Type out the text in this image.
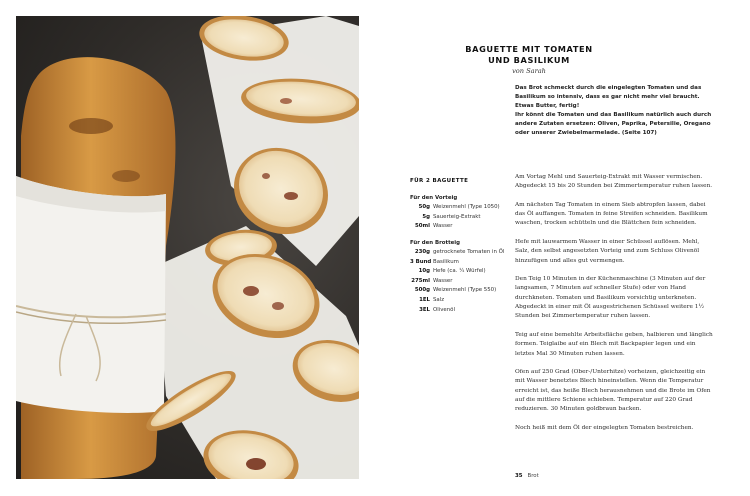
BAGUETTE MIT TOMATEN
UND BASILIKUM
von Sarah

Das Brot schmeckt durch die eingelegten Tomaten und das Basilikum so intensiv, dass es gar nicht mehr viel braucht. Etwas Butter, fertig!

Ihr könnt die Tomaten und das Basilikum natürlich auch durch andere Zutaten ersetzen: Oliven, Paprika, Petersilie, Oregano oder unserer Zwiebelmarmelade. (Seite 107)

FÜR 2 BAGUETTE
Für den Vorteig
50g Weizenmehl (Type 1050)
5g Sauerteig-Extrakt
50ml Wasser
Für den Brotteig
230g getrocknete Tomaten in Öl
3 Bund Basilikum
10g Hefe (ca. ¼ Würfel)
275ml Wasser
500g Weizenmehl (Type 550)
1EL Salz
3EL Olivenöl

Am Vortag Mehl und Sauerteig-Extrakt mit Wasser vermischen. Abgedeckt 15 bis 20 Stunden bei Zimmertemperatur ruhen lassen.

Am nächsten Tag Tomaten in einem Sieb abtropfen lassen, dabei das Öl auffangen. Tomaten in feine Streifen schneiden. Basilikum waschen, trocken schütteln und die Blättchen fein schneiden.

Hefe mit lauwarmem Wasser in einer Schüssel auflösen. Mehl, Salz, den selbst angesetzten Vorteig und zum Schluss Olivenöl hinzufügen und alles gut vermengen.

Den Teig 10 Minuten in der Küchenmaschine (3 Minuten auf der langsamen, 7 Minuten auf schneller Stufe) oder von Hand durchkneten. Tomaten und Basilikum vorsichtig unterkneten. Abgedeckt in einer mit Öl ausgestrichenen Schüssel weitere 1½ Stunden bei Zimmertemperatur ruhen lassen.

Teig auf eine bemehlte Arbeitsfläche geben, halbieren und länglich formen. Teiglaibe auf ein Blech mit Backpapier legen und ein letztes Mal 30 Minuten ruhen lassen.

Ofen auf 250 Grad (Ober-/Unterhitze) vorheizen, gleichzeitig ein mit Wasser benetztes Blech hineinstellen. Wenn die Temperatur erreicht ist, das heiße Blech herausnehmen und die Brote im Ofen auf die mittlere Schiene schieben. Temperatur auf 220 Grad reduzieren. 30 Minuten goldbraun backen.

Noch heiß mit dem Öl der eingelegten Tomaten bestreichen.

35 Brot
